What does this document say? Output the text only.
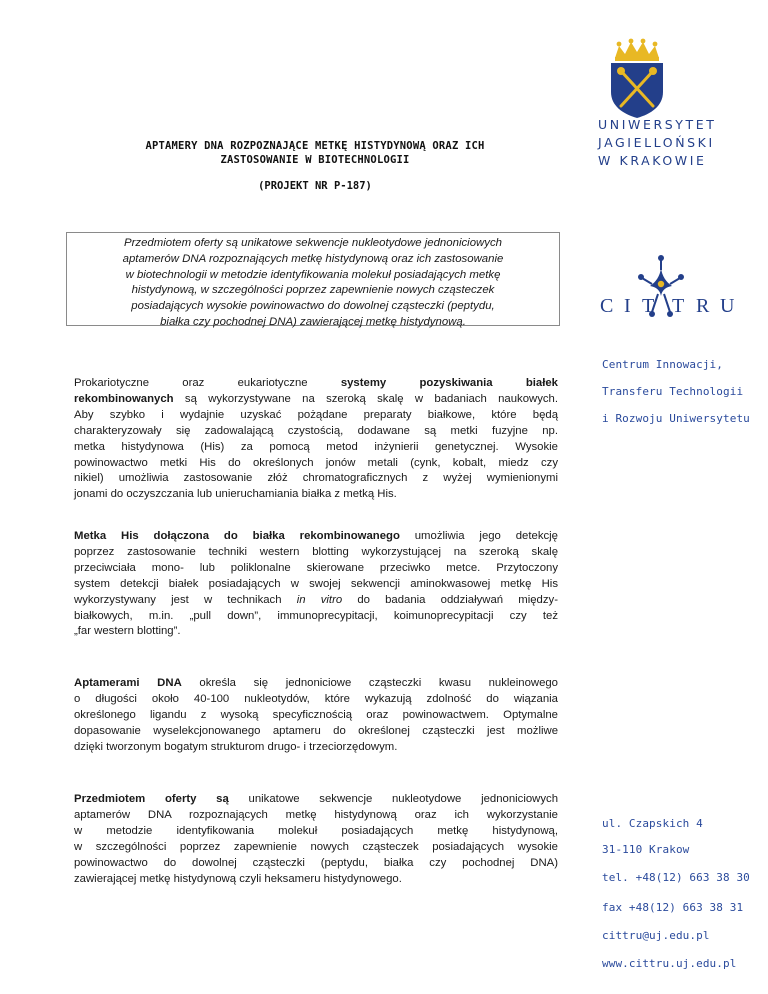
APTAMERY DNA ROZPOZNAJĄCE METKĘ HISTYDYNOWĄ ORAZ ICH
ZASTOSOWANIE W BIOTECHNOLOGII
(PROJEKT NR P-187)
Przedmiotem oferty są unikatowe sekwencje nukleotydowe jednoniciowych
aptamerów DNA rozpoznających metkę histydynową oraz ich zastosowanie
w biotechnologii w metodzie identyfikowania molekuł posiadających metkę
histydynową, w szczególności poprzez zapewnienie nowych cząsteczek
posiadających wysokie powinowactwo do dowolnej cząsteczki (peptydu,
białka czy pochodnej DNA) zawierającej metkę histydynową.
Prokariotyczne oraz eukariotyczne systemy pozyskiwania białek
rekombinowanych są wykorzystywane na szeroką skalę w badaniach naukowych.
Aby szybko i wydajnie uzyskać pożądane preparaty białkowe, które będą
charakteryzowały się zadowalającą czystością, dodawane są metki fuzyjne np.
metka histydynowa (His) za pomocą metod inżynierii genetycznej. Wysokie
powinowactwo metki His do określonych jonów metali (cynk, kobalt, miedz czy
nikiel) umożliwia zastosowanie złóż chromatograficznych z wyżej wymienionymi
jonami do oczyszczania lub unieruchamiania białka z metką His.
Metka His dołączona do białka rekombinowanego umożliwia jego detekcję
poprzez zastosowanie techniki western blotting wykorzystującej na szeroką skalę
przeciwciała mono- lub poliklonalne skierowane przeciwko metce. Przytoczony
system detekcji białek posiadających w swojej sekwencji aminokwasowej metkę His
wykorzystywany jest w technikach in vitro do badania oddziaływań między-
białkowych, m.in. „pull down”, immunoprecypitacji, koimunoprecypitacji czy też
„far western blotting”.
Aptamerami DNA określa się jednoniciowe cząsteczki kwasu nukleinowego
o długości około 40-100 nukleotydów, które wykazują zdolność do wiązania
określonego ligandu z wysoką specyficznością oraz powinowactwem. Optymalne
dopasowanie wyselekcjonowanego aptameru do określonej cząsteczki jest możliwe
dzięki tworzonym bogatym strukturom drugo- i trzeciorzędowym.
Przedmiotem oferty są unikatowe sekwencje nukleotydowe jednoniciowych
aptamerów DNA rozpoznających metkę histydynową oraz ich wykorzystanie
w metodzie identyfikowania molekuł posiadających metkę histydynową,
w szczególności poprzez zapewnienie nowych cząsteczek posiadających wysokie
powinowactwo do dowolnej cząsteczki (peptydu, białka czy pochodnej DNA)
zawierającej metkę histydynową czyli heksameru histydynowego.
UNIWERSYTET
JAGIELLOŃSKI
W KRAKOWIE
C I T T R U
Centrum Innowacji,
Transferu Technologii
i Rozwoju Uniwersytetu
ul. Czapskich 4
31-110 Krakow
tel. +48(12) 663 38 30
fax +48(12) 663 38 31
cittru@uj.edu.pl
www.cittru.uj.edu.pl
